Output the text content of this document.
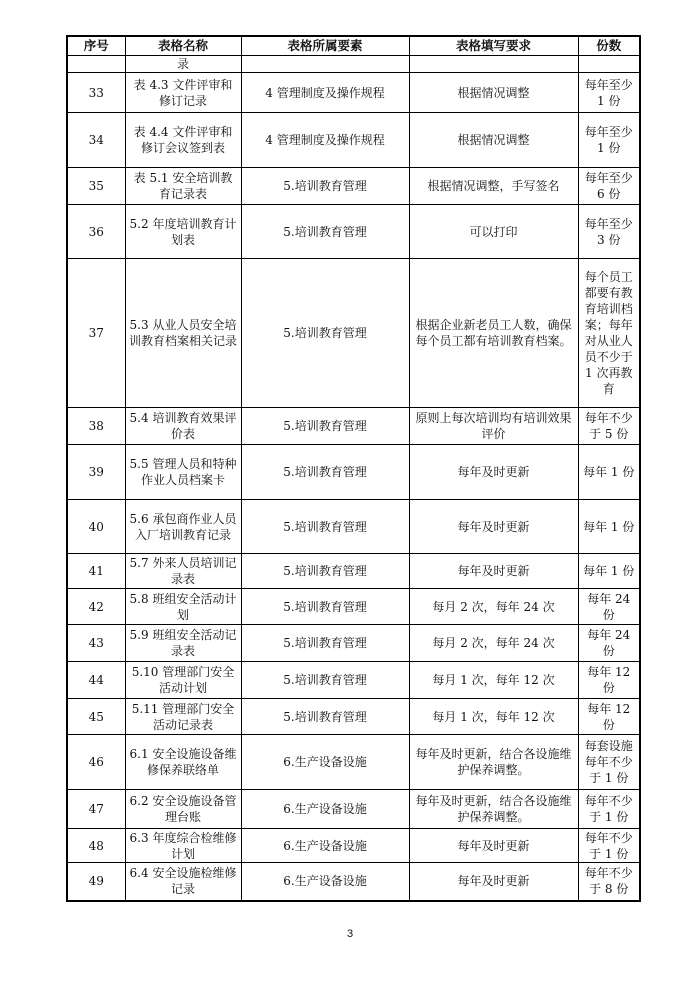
序号	表格名称	表格所属要素	表格填写要求	份数
	录			
33	表 4.3 文件评审和修订记录	4 管理制度及操作规程	根据情况调整	每年至少 1 份
34	表 4.4 文件评审和修订会议签到表	4 管理制度及操作规程	根据情况调整	每年至少 1 份
35	表 5.1 安全培训教育记录表	5.培训教育管理	根据情况调整，手写签名	每年至少 6 份
36	5.2 年度培训教育计划表	5.培训教育管理	可以打印	每年至少 3 份
37	5.3 从业人员安全培训教育档案相关记录	5.培训教育管理	根据企业新老员工人数，确保每个员工都有培训教育档案。	每个员工都要有教育培训档案；每年对从业人员不少于 1 次再教育
38	5.4 培训教育效果评价表	5.培训教育管理	原则上每次培训均有培训效果评价	每年不少于 5 份
39	5.5 管理人员和特种作业人员档案卡	5.培训教育管理	每年及时更新	每年 1 份
40	5.6 承包商作业人员入厂培训教育记录	5.培训教育管理	每年及时更新	每年 1 份
41	5.7 外来人员培训记录表	5.培训教育管理	每年及时更新	每年 1 份
42	5.8 班组安全活动计划	5.培训教育管理	每月 2 次，每年 24 次	每年 24 份
43	5.9 班组安全活动记录表	5.培训教育管理	每月 2 次，每年 24 次	每年 24 份
44	5.10 管理部门安全活动计划	5.培训教育管理	每月 1 次，每年 12 次	每年 12 份
45	5.11 管理部门安全活动记录表	5.培训教育管理	每月 1 次，每年 12 次	每年 12 份
46	6.1 安全设施设备维修保养联络单	6.生产设备设施	每年及时更新，结合各设施维护保养调整。	每套设施每年不少于 1 份
47	6.2 安全设施设备管理台账	6.生产设备设施	每年及时更新，结合各设施维护保养调整。	每年不少于 1 份
48	6.3 年度综合检维修计划	6.生产设备设施	每年及时更新	每年不少于 1 份
49	6.4 安全设施检维修记录	6.生产设备设施	每年及时更新	每年不少于 8 份
3
